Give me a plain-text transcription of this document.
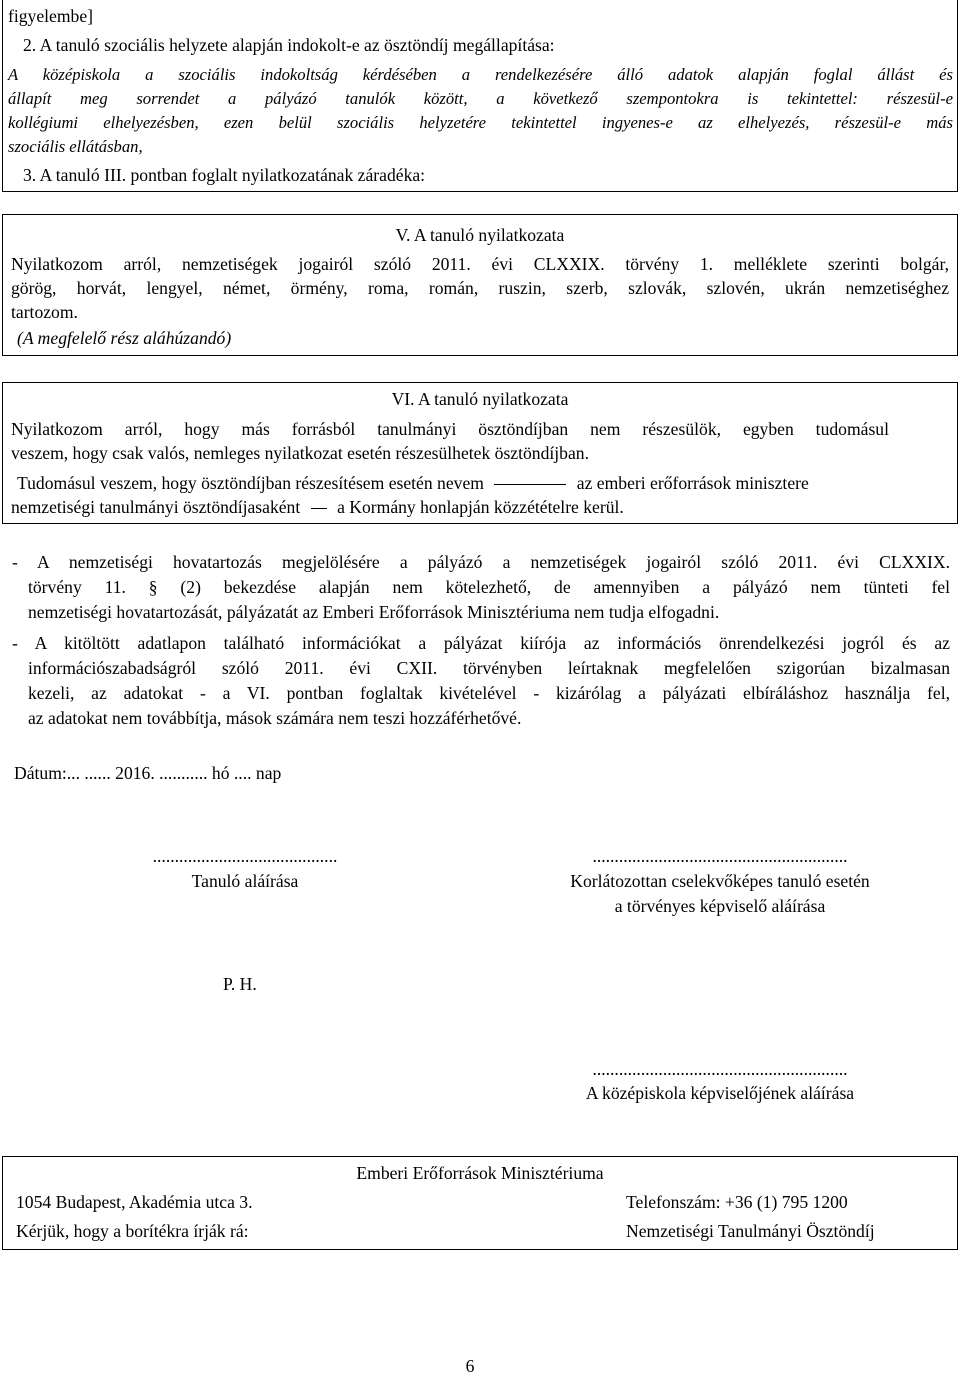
figyelembe]
2. A tanuló szociális helyzete alapján indokolt-e az ösztöndíj megállapítása:
A középiskola a szociális indokoltság kérdésében a rendelkezésére álló adatok alapján foglal állást és
állapít meg sorrendet a pályázó tanulók között, a következő szempontokra is tekintettel: részesül-e
kollégiumi elhelyezésben, ezen belül szociális helyzetére tekintettel ingyenes-e az elhelyezés, részesül-e más
szociális ellátásban,
3. A tanuló III. pontban foglalt nyilatkozatának záradéka:
V. A tanuló nyilatkozata
Nyilatkozom arról, nemzetiségek jogairól szóló 2011. évi CLXXIX. törvény 1. melléklete szerinti bolgár,
görög, horvát, lengyel, német, örmény, roma, román, ruszin, szerb, szlovák, szlovén, ukrán nemzetiséghez
tartozom.
(A megfelelő rész aláhúzandó)
VI. A tanuló nyilatkozata
Nyilatkozom arról, hogy más forrásból tanulmányi ösztöndíjban nem részesülök, egyben tudomásul
veszem, hogy csak valós, nemleges nyilatkozat esetén részesülhetek ösztöndíjban.
Tudomásul veszem, hogy ösztöndíjban részesítésem esetén nevem	az emberi erőforrások minisztere
nemzetiségi tanulmányi ösztöndíjasaként a Kormány honlapján közzétételre kerül.
- A nemzetiségi hovatartozás megjelölésére a pályázó a nemzetiségek jogairól szóló 2011. évi CLXXIX.
törvény 11. § (2) bekezdése alapján nem kötelezhető, de amennyiben a pályázó nem tünteti fel
nemzetiségi hovatartozását, pályázatát az Emberi Erőforrások Minisztériuma nem tudja elfogadni.
- A kitöltött adatlapon található információkat a pályázat kiírója az információs önrendelkezési jogról és az
információszabadságról szóló 2011. évi CXII. törvényben leírtaknak megfelelően szigorúan bizalmasan
kezeli, az adatokat - a VI. pontban foglaltak kivételével - kizárólag a pályázati elbíráláshoz használja fel,
az adatokat nem továbbítja, mások számára nem teszi hozzáférhetővé.
Dátum:... ...... 2016. ........... hó .... nap
..........................................
Tanuló aláírása
..........................................................
Korlátozottan cselekvőképes tanuló esetén
a törvényes képviselő aláírása
P. H.
..........................................................
A középiskola képviselőjének aláírása
Emberi Erőforrások Minisztériuma
1054 Budapest, Akadémia utca 3.	Telefonszám: +36 (1) 795 1200
Kérjük, hogy a borítékra írják rá:	Nemzetiségi Tanulmányi Ösztöndíj
6
